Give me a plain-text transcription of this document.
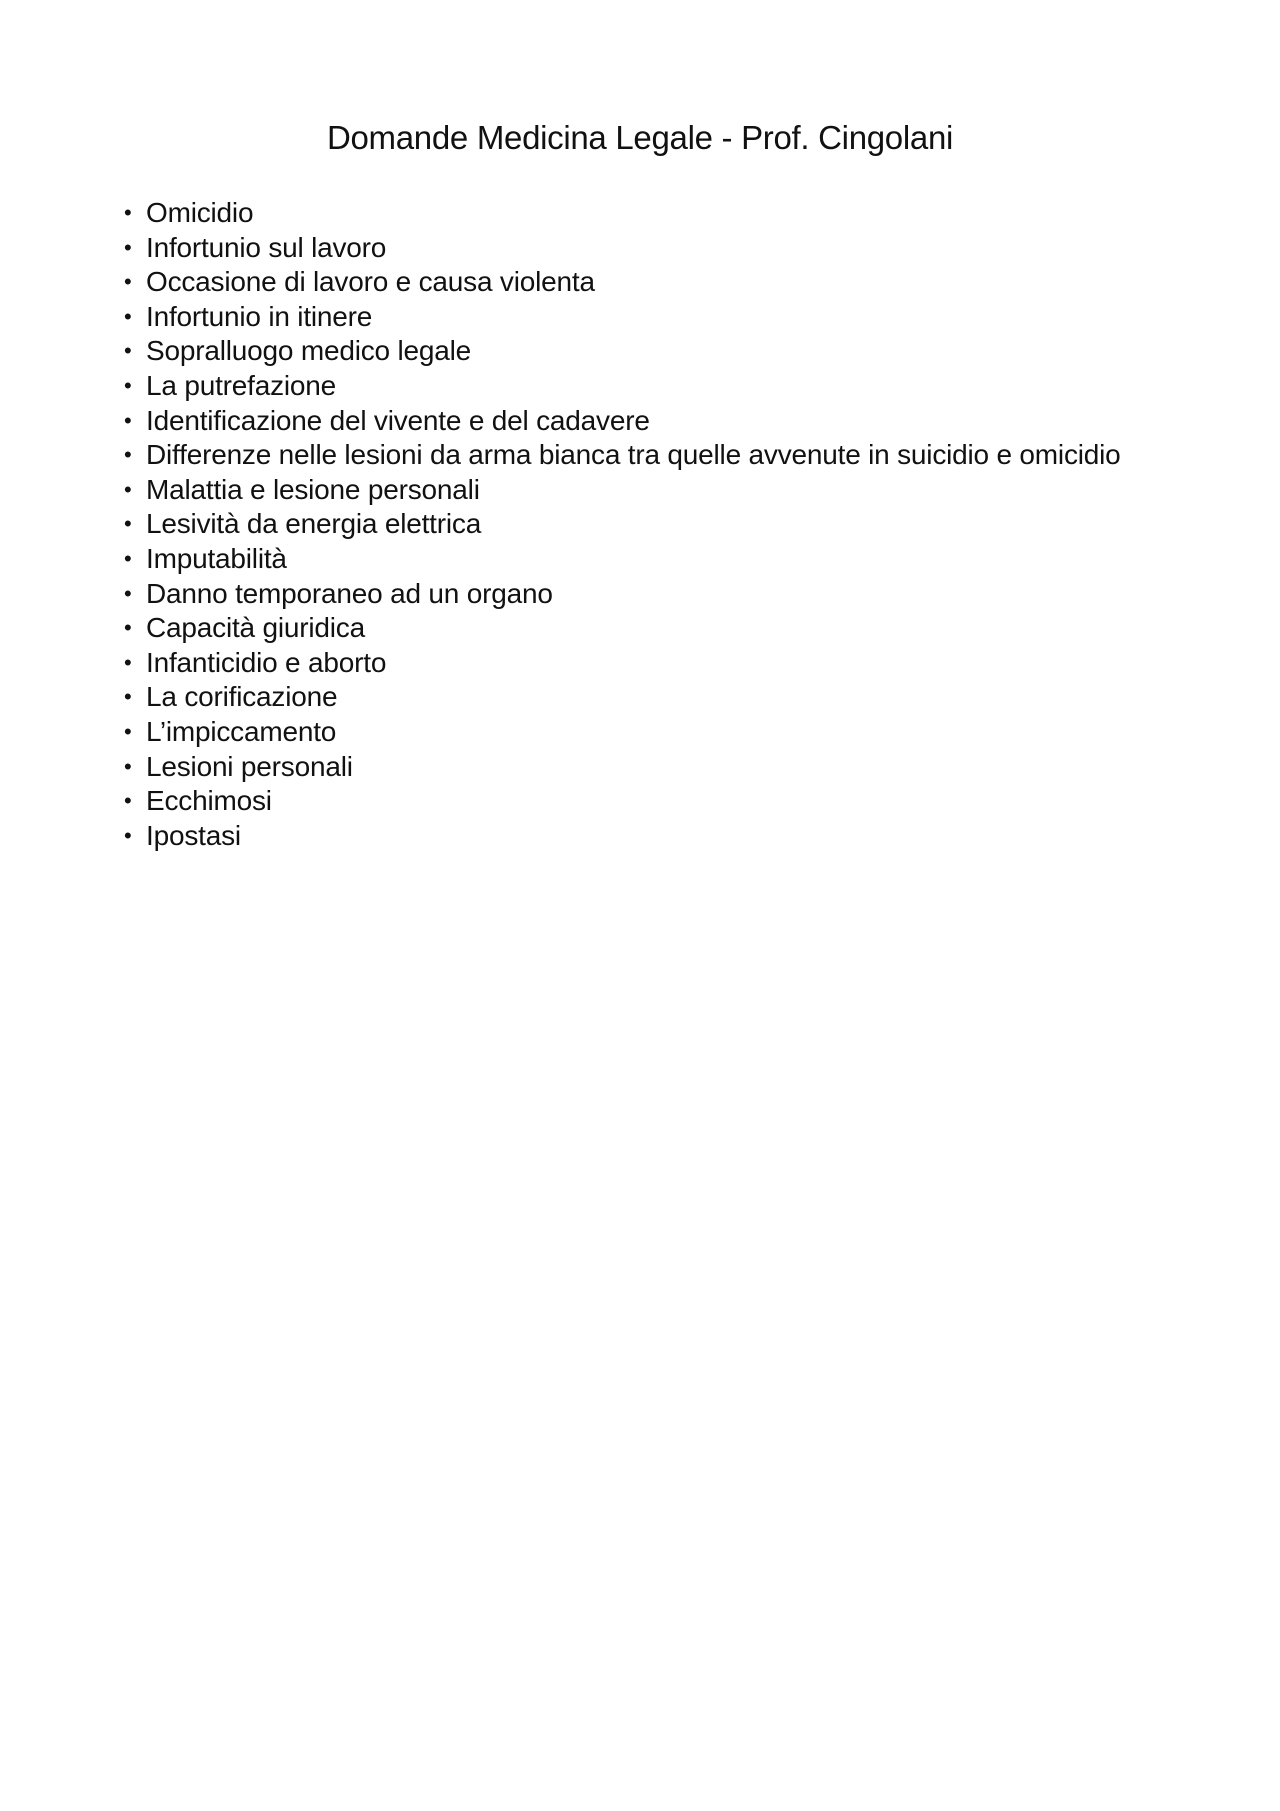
Domande Medicina Legale - Prof. Cingolani
• Omicidio
• Infortunio sul lavoro
• Occasione di lavoro e causa violenta
• Infortunio in itinere
• Sopralluogo medico legale
• La putrefazione
• Identificazione del vivente e del cadavere
• Differenze nelle lesioni da arma bianca tra quelle avvenute in suicidio e omicidio
• Malattia e lesione personali
• Lesività da energia elettrica
• Imputabilità
• Danno temporaneo ad un organo
• Capacità giuridica
• Infanticidio e aborto
• La corificazione
• L’impiccamento
• Lesioni personali
• Ecchimosi
• Ipostasi
